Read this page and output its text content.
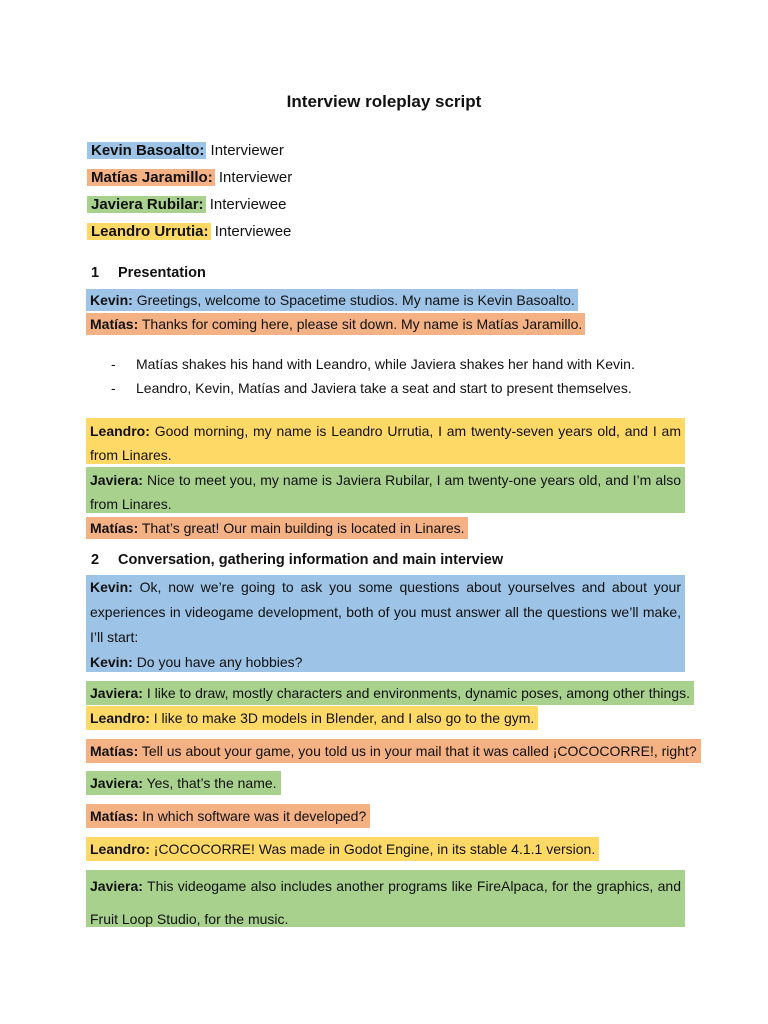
Interview roleplay script
Kevin Basoalto: Interviewer
Matías Jaramillo: Interviewer
Javiera Rubilar: Interviewee
Leandro Urrutia: Interviewee
1 Presentation
Kevin: Greetings, welcome to Spacetime studios. My name is Kevin Basoalto.
Matías: Thanks for coming here, please sit down. My name is Matías Jaramillo.
- Matías shakes his hand with Leandro, while Javiera shakes her hand with Kevin.
- Leandro, Kevin, Matías and Javiera take a seat and start to present themselves.
Leandro: Good morning, my name is Leandro Urrutia, I am twenty-seven years old, and I am from Linares.
Javiera: Nice to meet you, my name is Javiera Rubilar, I am twenty-one years old, and I’m also from Linares.
Matías: That’s great! Our main building is located in Linares.
2 Conversation, gathering information and main interview
Kevin: Ok, now we’re going to ask you some questions about yourselves and about your experiences in videogame development, both of you must answer all the questions we’ll make, I’ll start:
Kevin: Do you have any hobbies?
Javiera: I like to draw, mostly characters and environments, dynamic poses, among other things.
Leandro: I like to make 3D models in Blender, and I also go to the gym.
Matías: Tell us about your game, you told us in your mail that it was called ¡COCOCORRE!, right?
Javiera: Yes, that’s the name.
Matías: In which software was it developed?
Leandro: ¡COCOCORRE! Was made in Godot Engine, in its stable 4.1.1 version.
Javiera: This videogame also includes another programs like FireAlpaca, for the graphics, and Fruit Loop Studio, for the music.
